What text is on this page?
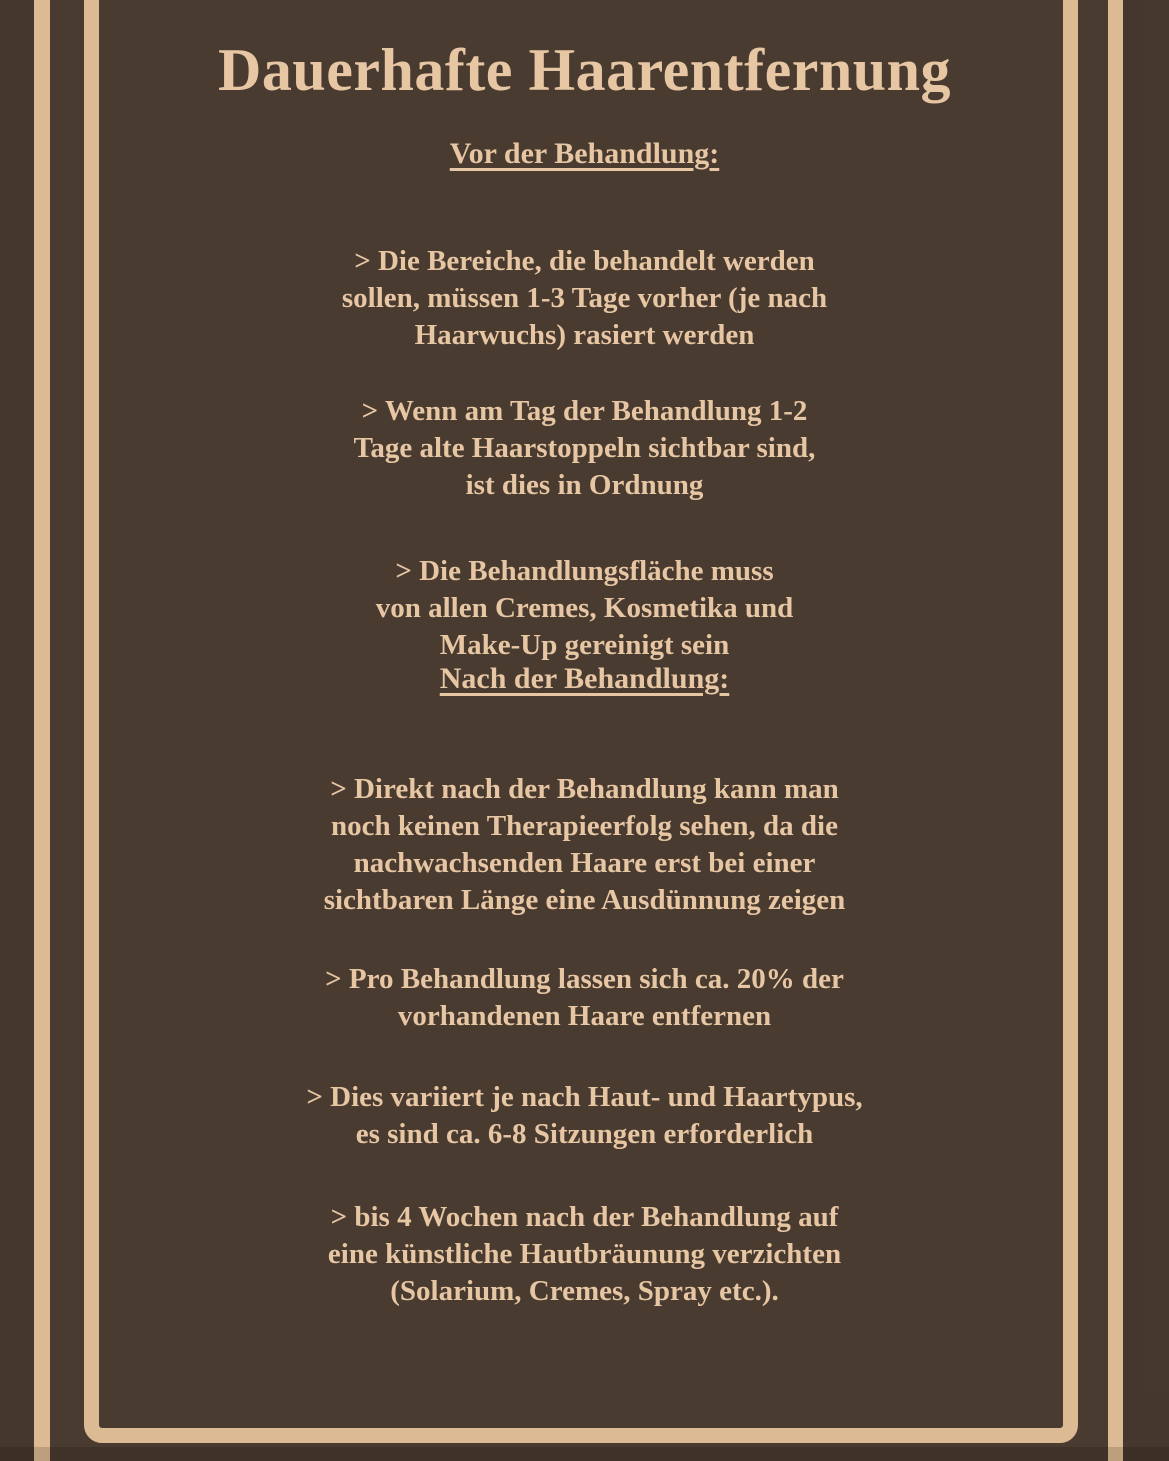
Dauerhafte Haarentfernung
Vor der Behandlung:

> Die Bereiche, die behandelt werden
sollen, müssen 1-3 Tage vorher (je nach
Haarwuchs) rasiert werden

> Wenn am Tag der Behandlung 1-2
Tage alte Haarstoppeln sichtbar sind,
ist dies in Ordnung

> Die Behandlungsfläche muss
von allen Cremes, Kosmetika und
Make-Up gereinigt sein

Nach der Behandlung:

> Direkt nach der Behandlung kann man
noch keinen Therapieerfolg sehen, da die
nachwachsenden Haare erst bei einer
sichtbaren Länge eine Ausdünnung zeigen

> Pro Behandlung lassen sich ca. 20% der
vorhandenen Haare entfernen

> Dies variiert je nach Haut- und Haartypus,
es sind ca. 6-8 Sitzungen erforderlich

> bis 4 Wochen nach der Behandlung auf
eine künstliche Hautbräunung verzichten
(Solarium, Cremes, Spray etc.).
